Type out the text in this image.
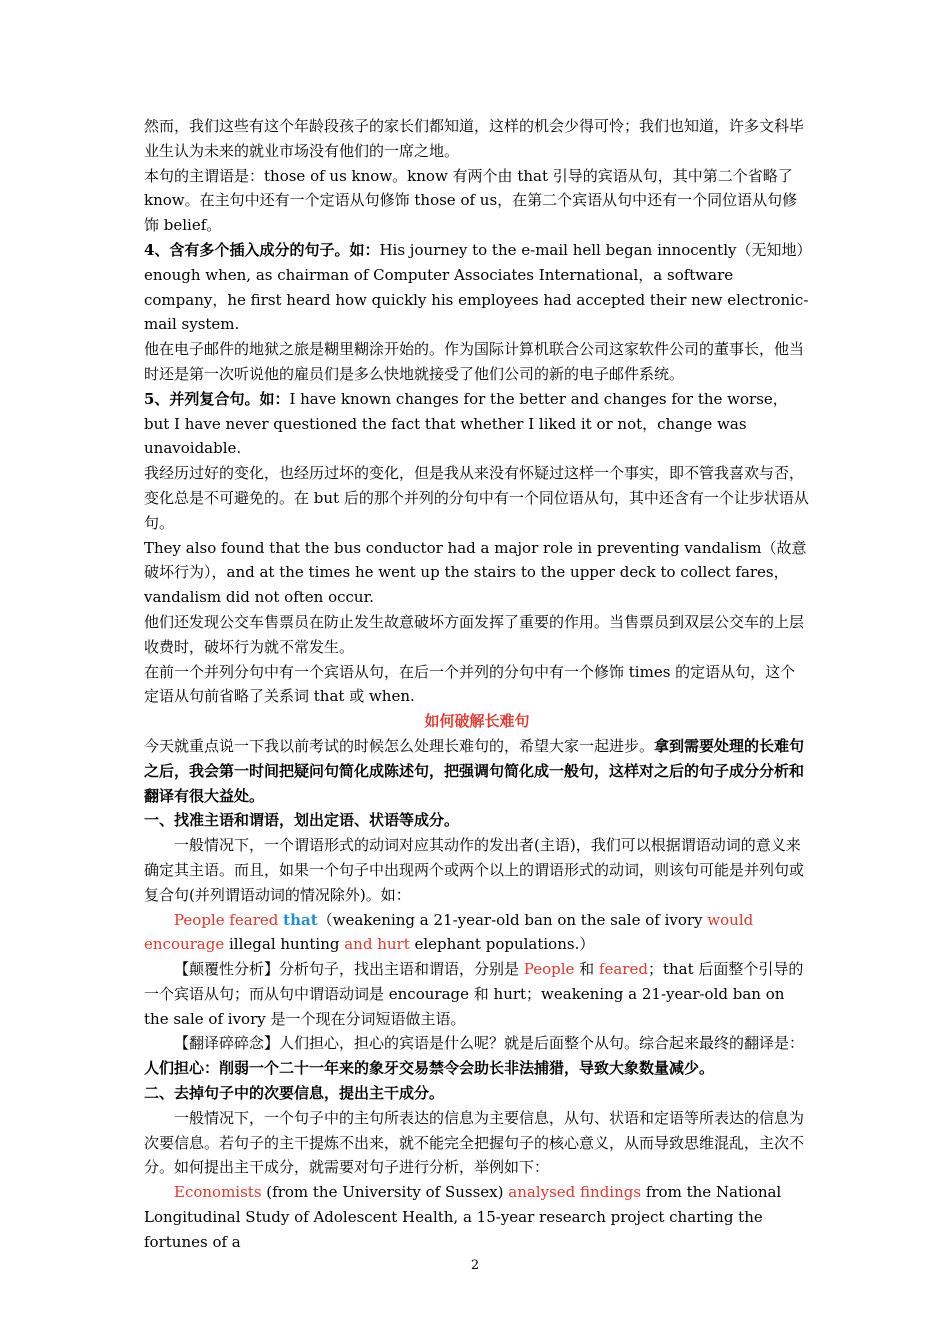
然而，我们这些有这个年龄段孩子的家长们都知道，这样的机会少得可怜；我们也知道，许多文科毕业生认为未来的就业市场没有他们的一席之地。

本句的主谓语是：those of us know。know 有两个由 that 引导的宾语从句，其中第二个省略了 know。在主句中还有一个定语从句修饰 those of us，在第二个宾语从句中还有一个同位语从句修饰 belief。

4、含有多个插入成分的句子。如：His journey to the e-mail hell began innocently（无知地）enough when, as chairman of Computer Associates International，a software company，he first heard how quickly his employees had accepted their new electronic-mail system.

他在电子邮件的地狱之旅是糊里糊涂开始的。作为国际计算机联合公司这家软件公司的董事长，他当时还是第一次听说他的雇员们是多么快地就接受了他们公司的新的电子邮件系统。

5、并列复合句。如：I have known changes for the better and changes for the worse，but I have never questioned the fact that whether I liked it or not，change was unavoidable.

我经历过好的变化，也经历过坏的变化，但是我从来没有怀疑过这样一个事实，即不管我喜欢与否，变化总是不可避免的。在 but 后的那个并列的分句中有一个同位语从句，其中还含有一个让步状语从句。

They also found that the bus conductor had a major role in preventing vandalism（故意破坏行为），and at the times he went up the stairs to the upper deck to collect fares，vandalism did not often occur.

他们还发现公交车售票员在防止发生故意破坏方面发挥了重要的作用。当售票员到双层公交车的上层收费时，破坏行为就不常发生。

在前一个并列分句中有一个宾语从句，在后一个并列的分句中有一个修饰 times 的定语从句，这个定语从句前省略了关系词 that 或 when.

如何破解长难句

今天就重点说一下我以前考试的时候怎么处理长难句的，希望大家一起进步。拿到需要处理的长难句之后，我会第一时间把疑问句简化成陈述句，把强调句简化成一般句，这样对之后的句子成分分析和翻译有很大益处。

一、找准主语和谓语，划出定语、状语等成分。

一般情况下，一个谓语形式的动词对应其动作的发出者(主语)，我们可以根据谓语动词的意义来确定其主语。而且，如果一个句子中出现两个或两个以上的谓语形式的动词，则该句可能是并列句或复合句(并列谓语动词的情况除外)。如：

People feared that（weakening a 21-year-old ban on the sale of ivory would encourage illegal hunting and hurt elephant populations.）

【颠覆性分析】分析句子，找出主语和谓语，分别是 People 和 feared；that 后面整个引导的一个宾语从句；而从句中谓语动词是 encourage 和 hurt；weakening a 21-year-old ban on the sale of ivory 是一个现在分词短语做主语。

【翻译碎碎念】人们担心，担心的宾语是什么呢？就是后面整个从句。综合起来最终的翻译是：人们担心：削弱一个二十一年来的象牙交易禁令会助长非法捕猎，导致大象数量减少。

二、去掉句子中的次要信息，提出主干成分。

一般情况下，一个句子中的主句所表达的信息为主要信息，从句、状语和定语等所表达的信息为次要信息。若句子的主干提炼不出来，就不能完全把握句子的核心意义，从而导致思维混乱，主次不分。如何提出主干成分，就需要对句子进行分析，举例如下：

Economists (from the University of Sussex) analysed findings from the National Longitudinal Study of Adolescent Health, a 15-year research project charting the fortunes of a

2
